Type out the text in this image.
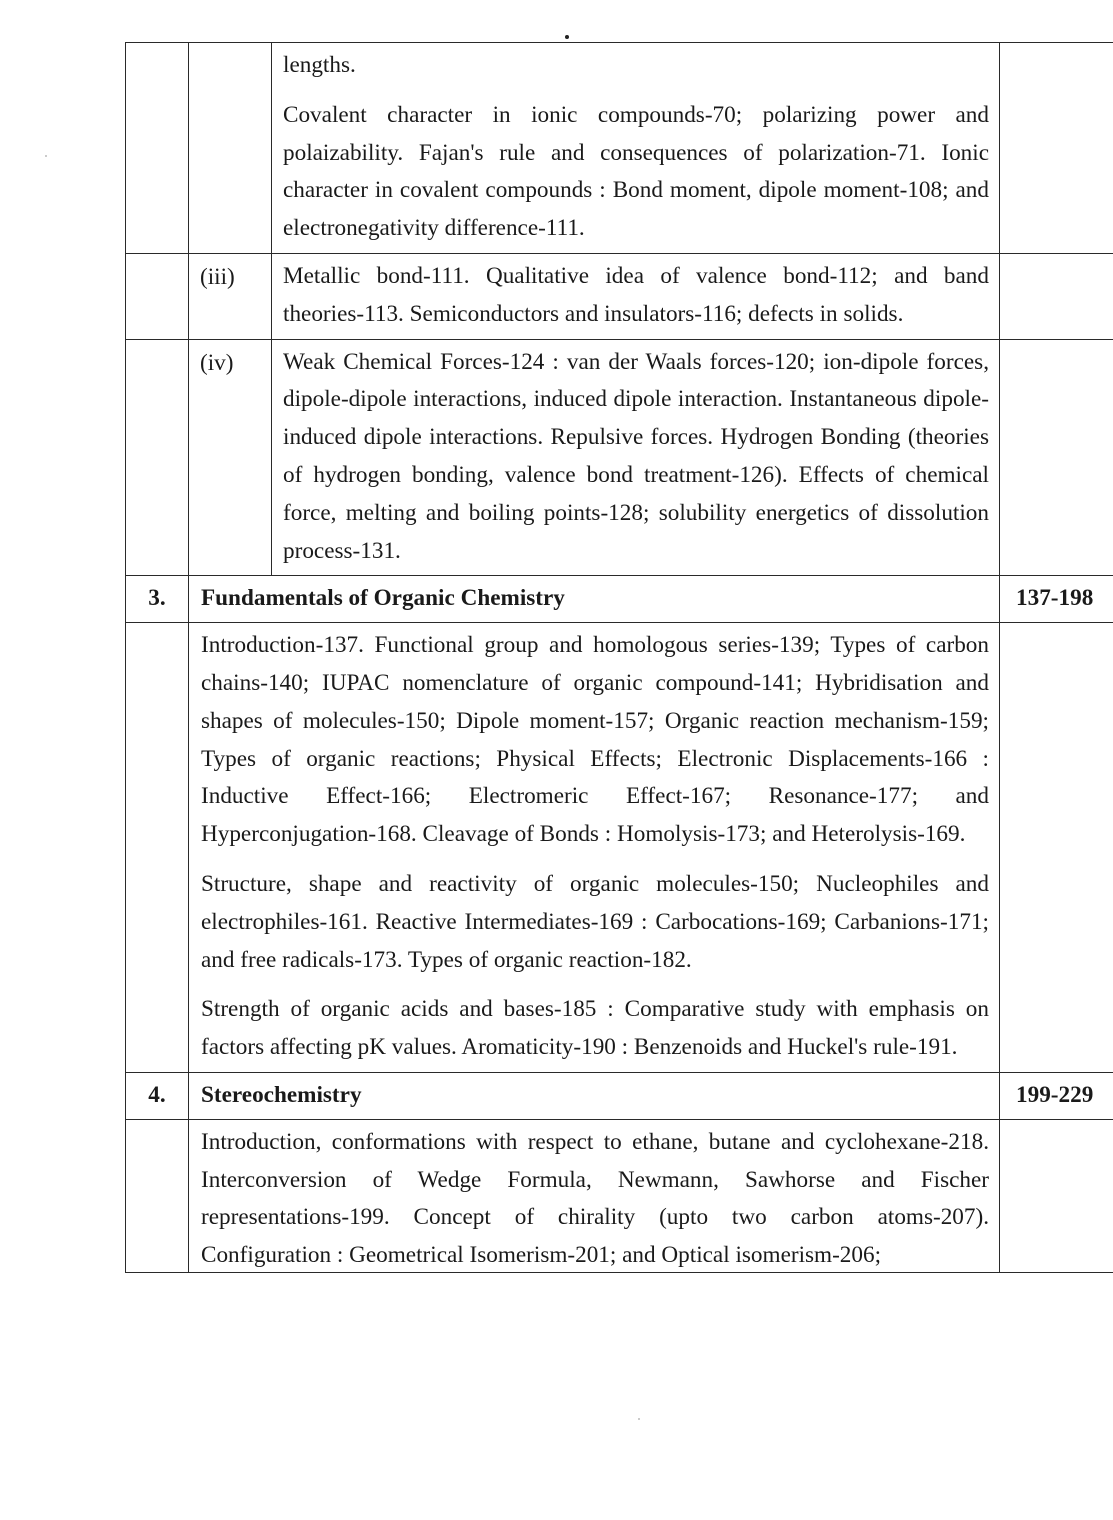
		lengths.

Covalent character in ionic compounds-70; polarizing power and polaizability. Fajan's rule and consequences of polarization-71. Ionic character in covalent compounds : Bond moment, dipole moment-108; and electronegativity difference-111.	

	(iii)	Metallic bond-111. Qualitative idea of valence bond-112; and band theories-113. Semiconductors and insulators-116; defects in solids.	

	(iv)	Weak Chemical Forces-124 : van der Waals forces-120; ion-dipole forces, dipole-dipole interactions, induced dipole interaction. Instantaneous dipole-induced dipole interactions. Repulsive forces. Hydrogen Bonding (theories of hydrogen bonding, valence bond treatment-126). Effects of chemical force, melting and boiling points-128; solubility energetics of dissolution process-131.	

3.	Fundamentals of Organic Chemistry		137-198

	Introduction-137. Functional group and homologous series-139; Types of carbon chains-140; IUPAC nomenclature of organic compound-141; Hybridisation and shapes of molecules-150; Dipole moment-157; Organic reaction mechanism-159; Types of organic reactions; Physical Effects; Electronic Displacements-166 : Inductive Effect-166; Electromeric Effect-167; Resonance-177; and Hyperconjugation-168. Cleavage of Bonds : Homolysis-173; and Heterolysis-169.

Structure, shape and reactivity of organic molecules-150; Nucleophiles and electrophiles-161. Reactive Intermediates-169 : Carbocations-169; Carbanions-171; and free radicals-173. Types of organic reaction-182.

Strength of organic acids and bases-185 : Comparative study with emphasis on factors affecting pK values. Aromaticity-190 : Benzenoids and Huckel's rule-191.		

4.	Stereochemistry		199-229

	Introduction, conformations with respect to ethane, butane and cyclohexane-218. Interconversion of Wedge Formula, Newmann, Sawhorse and Fischer representations-199. Concept of chirality (upto two carbon atoms-207). Configuration : Geometrical Isomerism-201; and Optical isomerism-206;		
